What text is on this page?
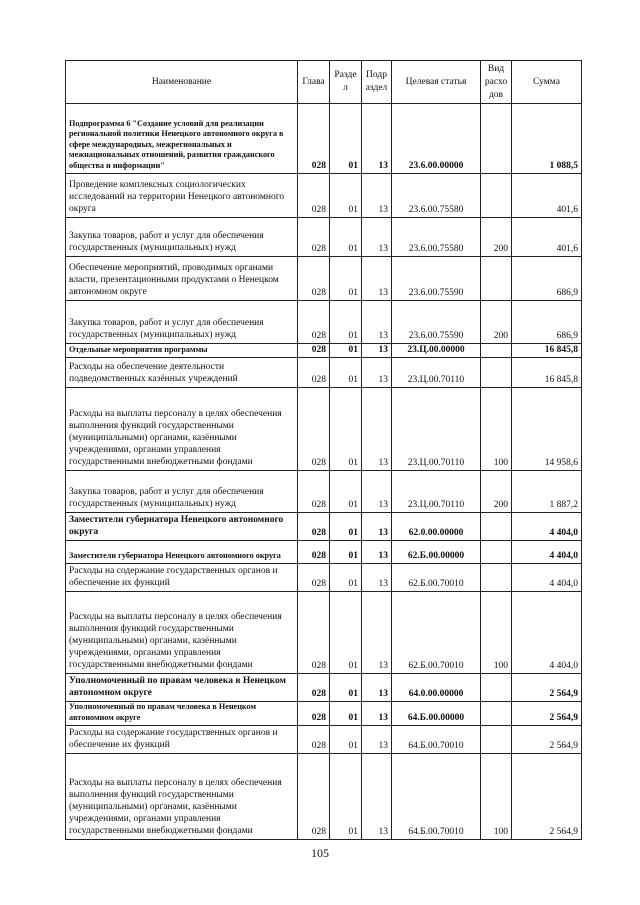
Наименование	Глава	Разде л	Подр аздел	Целевая статья	Вид расхо дов	Сумма
Подпрограмма 6 "Создание условий для реализации региональной политики Ненецкого автономного округа в сфере международных, межрегиональных и межнациональных отношений, развития гражданского общества и информации"	028	01	13	23.6.00.00000		1 088,5
Проведение комплексных социологических исследований на территории Ненецкого автономного округа	028	01	13	23.6.00.75580		401,6
Закупка товаров, работ и услуг для обеспечения государственных (муниципальных) нужд	028	01	13	23.6.00.75580	200	401,6
Обеспечение мероприятий, проводимых органами власти, презентационными продуктами о Ненецком автономном округе	028	01	13	23.6.00.75590		686,9
Закупка товаров, работ и услуг для обеспечения государственных (муниципальных) нужд	028	01	13	23.6.00.75590	200	686,9
Отдельные мероприятия программы	028	01	13	23.Ц.00.00000		16 845,8
Расходы на обеспечение деятельности подведомственных казённых учреждений	028	01	13	23.Ц.00.70110		16 845,8
Расходы на выплаты персоналу в целях обеспечения выполнения функций государственными (муниципальными) органами, казёнными учреждениями, органами управления государственными внебюджетными фондами	028	01	13	23.Ц.00.70110	100	14 958,6
Закупка товаров, работ и услуг для обеспечения государственных (муниципальных) нужд	028	01	13	23.Ц.00.70110	200	1 887,2
Заместители губернатора Ненецкого автономного округа	028	01	13	62.0.00.00000		4 404,0
Заместители губернатора Ненецкого автономного округа	028	01	13	62.Б.00.00000		4 404,0
Расходы на содержание государственных органов и обеспечение их функций	028	01	13	62.Б.00.70010		4 404,0
Расходы на выплаты персоналу в целях обеспечения выполнения функций государственными (муниципальными) органами, казёнными учреждениями, органами управления государственными внебюджетными фондами	028	01	13	62.Б.00.70010	100	4 404,0
Уполномоченный по правам человека в Ненецком автономном округе	028	01	13	64.0.00.00000		2 564,9
Уполномоченный по правам человека в Ненецком автономном округе	028	01	13	64.Б.00.00000		2 564,9
Расходы на содержание государственных органов и обеспечение их функций	028	01	13	64.Б.00.70010		2 564,9
Расходы на выплаты персоналу в целях обеспечения выполнения функций государственными (муниципальными) органами, казёнными учреждениями, органами управления государственными внебюджетными фондами	028	01	13	64.Б.00.70010	100	2 564,9
105
